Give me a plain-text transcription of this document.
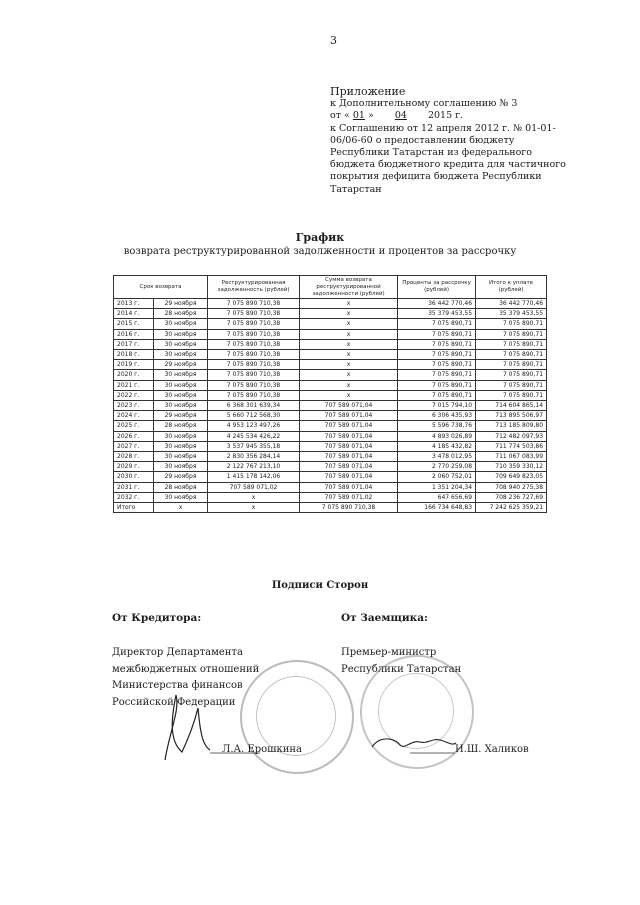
3
Приложение
к Дополнительному соглашению № 3
от « 01 » 04 2015 г.
к Соглашению от 12 апреля 2012 г. № 01-01-
06/06-60 о предоставлении бюджету
Республики Татарстан из федерального
бюджета бюджетного кредита для частичного
покрытия дефицита бюджета Республики
Татарстан
График
возврата реструктурированной задолженности и процентов за рассрочку
Срок возврата		Реструктурированная задолженность (рублей)	Сумма возврата реструктурированной задолженности (рублей)	Проценты за рассрочку (рублей)	Итого к уплате (рублей)
2013 г.	29 ноября	7 075 890 710,38	x	36 442 770,46	36 442 770,46
2014 г.	28 ноября	7 075 890 710,38	x	35 379 453,55	35 379 453,55
2015 г.	30 ноября	7 075 890 710,38	x	7 075 890,71	7 075 890,71
2016 г.	30 ноября	7 075 890 710,38	x	7 075 890,71	7 075 890,71
2017 г.	30 ноября	7 075 890 710,38	x	7 075 890,71	7 075 890,71
2018 г.	30 ноября	7 075 890 710,38	x	7 075 890,71	7 075 890,71
2019 г.	29 ноября	7 075 890 710,38	x	7 075 890,71	7 075 890,71
2020 г.	30 ноября	7 075 890 710,38	x	7 075 890,71	7 075 890,71
2021 г.	30 ноября	7 075 890 710,38	x	7 075 890,71	7 075 890,71
2022 г.	30 ноября	7 075 890 710,38	x	7 075 890,71	7 075 890,71
2023 г.	30 ноября	6 368 301 639,34	707 589 071,04	7 015 794,10	714 604 865,14
2024 г.	29 ноября	5 660 712 568,30	707 589 071,04	6 306 435,93	713 895 506,97
2025 г.	28 ноября	4 953 123 497,26	707 589 071,04	5 596 738,76	713 185 809,80
2026 г.	30 ноября	4 245 534 426,22	707 589 071,04	4 893 026,89	712 482 097,93
2027 г.	30 ноября	3 537 945 355,18	707 589 071,04	4 185 432,82	711 774 503,86
2028 г.	30 ноября	2 830 356 284,14	707 589 071,04	3 478 012,95	711 067 083,99
2029 г.	30 ноября	2 122 767 213,10	707 589 071,04	2 770 259,08	710 359 330,12
2030 г.	29 ноября	1 415 178 142,06	707 589 071,04	2 060 752,01	709 649 823,05
2031 г.	28 ноября	707 589 071,02	707 589 071,04	1 351 204,34	708 940 275,38
2032 г.	30 ноября	x	707 589 071,02	647 656,69	708 236 727,69
Итого	x	x	7 075 890 710,38	166 734 648,83	7 242 625 359,21
Подписи Сторон
От Кредитора:	От Заемщика:
Директор Департамента
межбюджетных отношений
Министерства финансов
Российской Федерации
Премьер-министр
Республики Татарстан
Л.А. Ерошкина	И.Ш. Халиков
